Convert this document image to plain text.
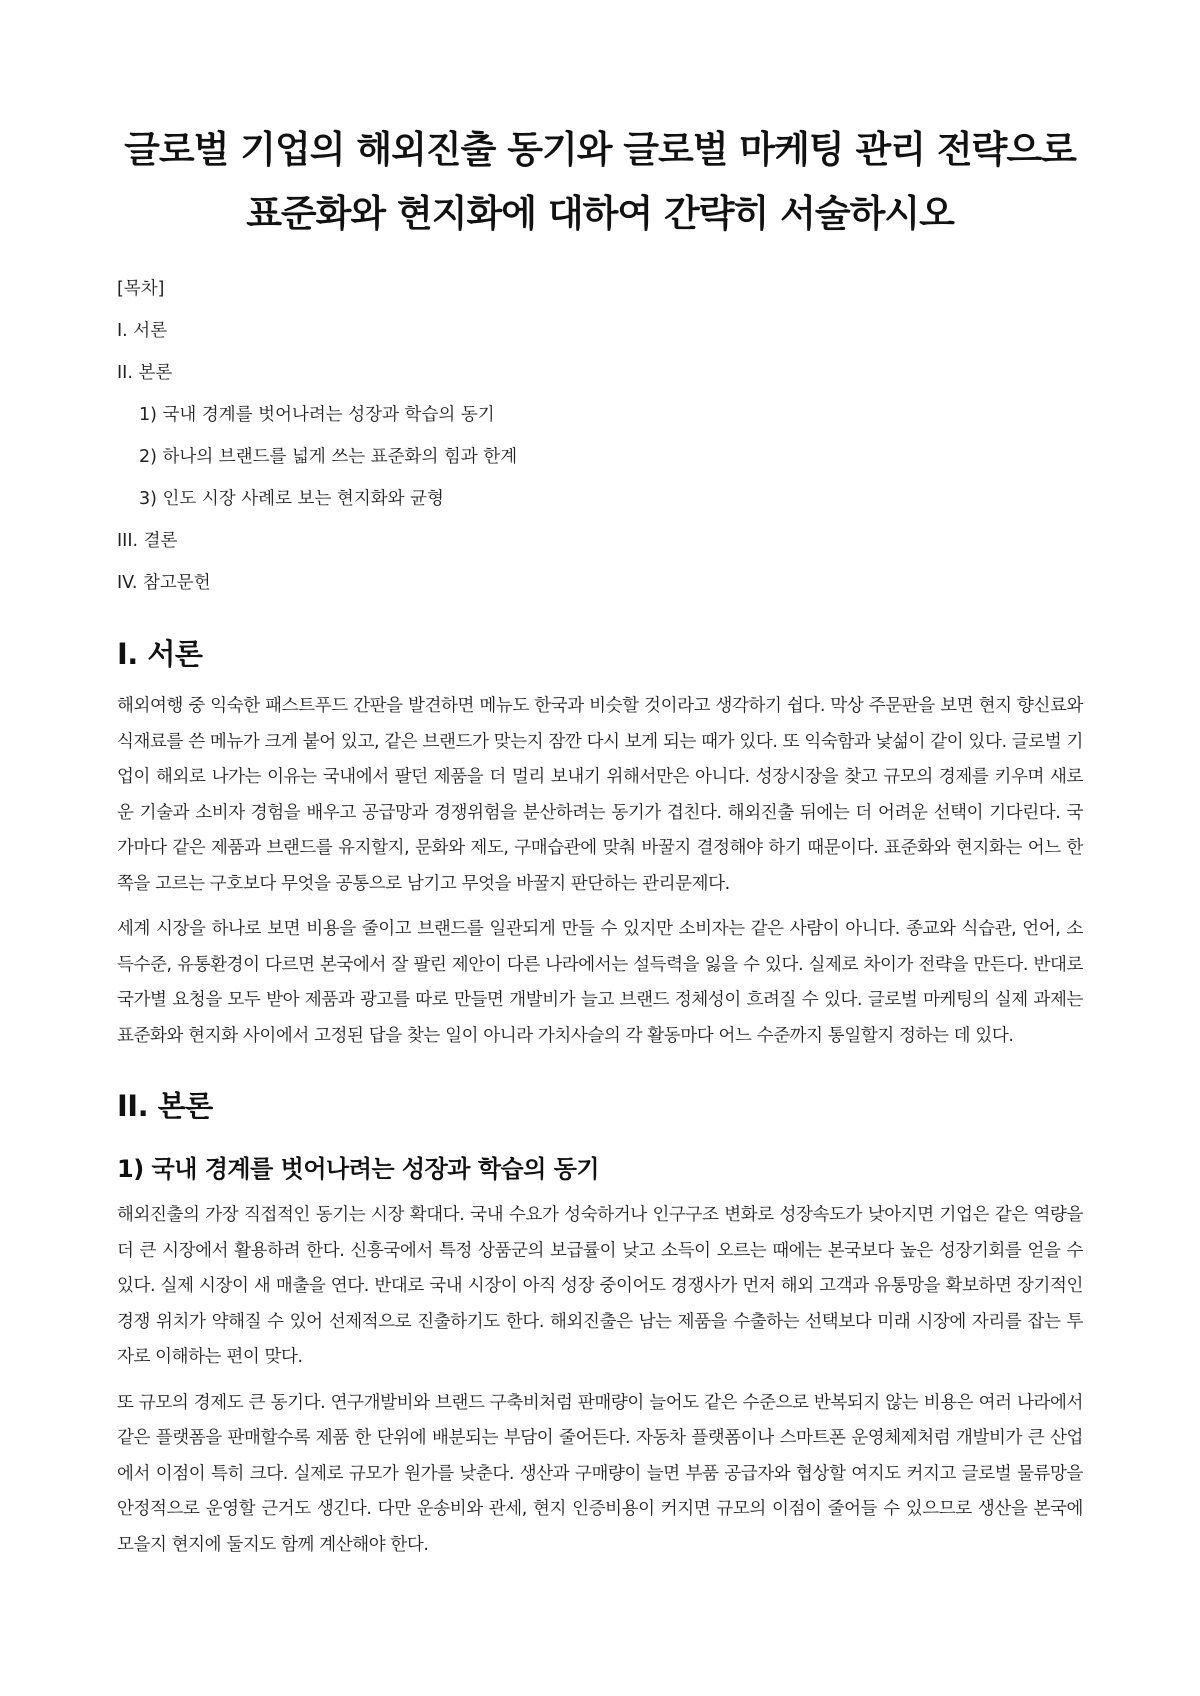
글로벌 기업의 해외진출 동기와 글로벌 마케팅 관리 전략으로
표준화와 현지화에 대하여 간략히 서술하시오
[목차]
I. 서론
II. 본론
1) 국내 경계를 벗어나려는 성장과 학습의 동기
2) 하나의 브랜드를 넓게 쓰는 표준화의 힘과 한계
3) 인도 시장 사례로 보는 현지화와 균형
III. 결론
IV. 참고문헌
I. 서론

해외여행 중 익숙한 패스트푸드 간판을 발견하면 메뉴도 한국과 비슷할 것이라고 생각하기 쉽다. 막상 주문판을 보면 현지 향신료와 식재료를 쓴 메뉴가 크게 붙어 있고, 같은 브랜드가 맞는지 잠깐 다시 보게 되는 때가 있다. 또 익숙함과 낯섦이 같이 있다. 글로벌 기업이 해외로 나가는 이유는 국내에서 팔던 제품을 더 멀리 보내기 위해서만은 아니다. 성장시장을 찾고 규모의 경제를 키우며 새로운 기술과 소비자 경험을 배우고 공급망과 경쟁위험을 분산하려는 동기가 겹친다. 해외진출 뒤에는 더 어려운 선택이 기다린다. 국가마다 같은 제품과 브랜드를 유지할지, 문화와 제도, 구매습관에 맞춰 바꿀지 결정해야 하기 때문이다. 표준화와 현지화는 어느 한쪽을 고르는 구호보다 무엇을 공통으로 남기고 무엇을 바꿀지 판단하는 관리문제다.

세계 시장을 하나로 보면 비용을 줄이고 브랜드를 일관되게 만들 수 있지만 소비자는 같은 사람이 아니다. 종교와 식습관, 언어, 소득수준, 유통환경이 다르면 본국에서 잘 팔린 제안이 다른 나라에서는 설득력을 잃을 수 있다. 실제로 차이가 전략을 만든다. 반대로 국가별 요청을 모두 받아 제품과 광고를 따로 만들면 개발비가 늘고 브랜드 정체성이 흐려질 수 있다. 글로벌 마케팅의 실제 과제는 표준화와 현지화 사이에서 고정된 답을 찾는 일이 아니라 가치사슬의 각 활동마다 어느 수준까지 통일할지 정하는 데 있다.

II. 본론
1) 국내 경계를 벗어나려는 성장과 학습의 동기

해외진출의 가장 직접적인 동기는 시장 확대다. 국내 수요가 성숙하거나 인구구조 변화로 성장속도가 낮아지면 기업은 같은 역량을 더 큰 시장에서 활용하려 한다. 신흥국에서 특정 상품군의 보급률이 낮고 소득이 오르는 때에는 본국보다 높은 성장기회를 얻을 수 있다. 실제 시장이 새 매출을 연다. 반대로 국내 시장이 아직 성장 중이어도 경쟁사가 먼저 해외 고객과 유통망을 확보하면 장기적인 경쟁 위치가 약해질 수 있어 선제적으로 진출하기도 한다. 해외진출은 남는 제품을 수출하는 선택보다 미래 시장에 자리를 잡는 투자로 이해하는 편이 맞다.

또 규모의 경제도 큰 동기다. 연구개발비와 브랜드 구축비처럼 판매량이 늘어도 같은 수준으로 반복되지 않는 비용은 여러 나라에서 같은 플랫폼을 판매할수록 제품 한 단위에 배분되는 부담이 줄어든다. 자동차 플랫폼이나 스마트폰 운영체제처럼 개발비가 큰 산업에서 이점이 특히 크다. 실제로 규모가 원가를 낮춘다. 생산과 구매량이 늘면 부품 공급자와 협상할 여지도 커지고 글로벌 물류망을 안정적으로 운영할 근거도 생긴다. 다만 운송비와 관세, 현지 인증비용이 커지면 규모의 이점이 줄어들 수 있으므로 생산을 본국에 모을지 현지에 둘지도 함께 계산해야 한다.
